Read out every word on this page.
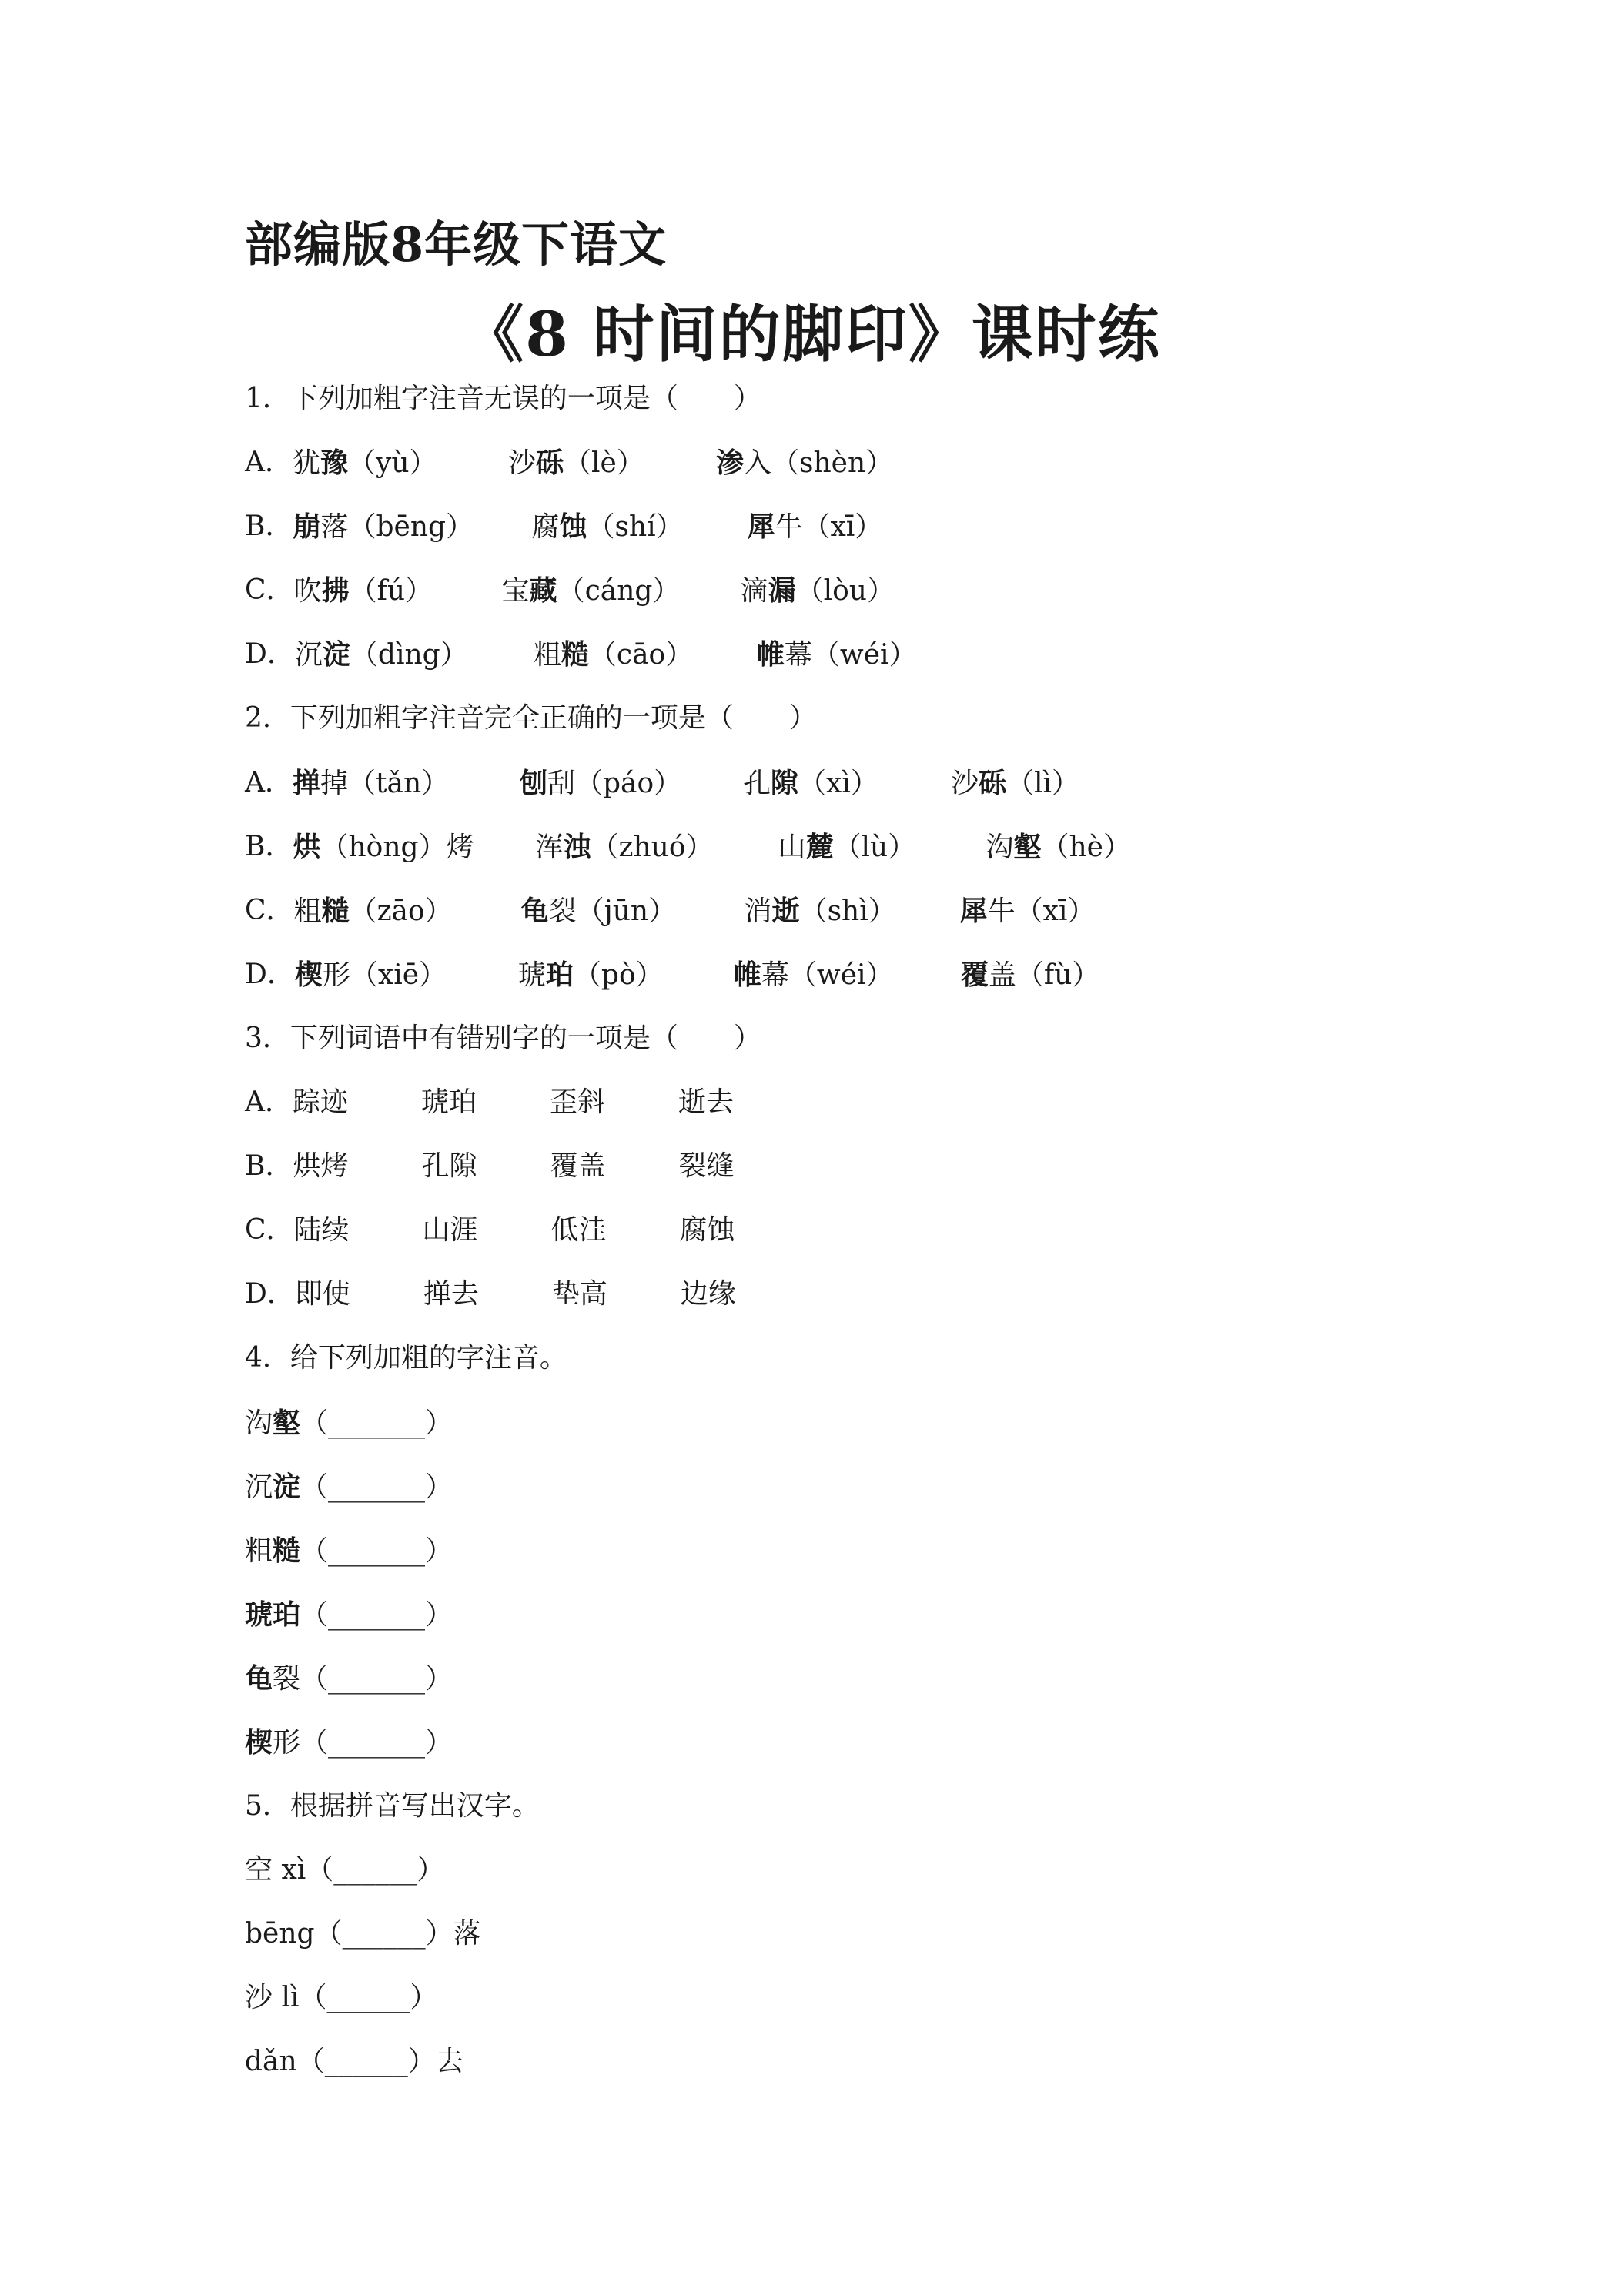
部编版8年级下语文
《8 时间的脚印》课时练
1．下列加粗字注音无误的一项是（　　）
A．犹豫（yù）	沙砾（lè）	渗入（shèn）
B．崩落（bēng） 腐蚀（shí） 犀牛（xī）
C．吹拂（fú） 宝藏（cáng） 滴漏（lòu）
D．沉淀（dìng） 粗糙（cāo） 帷幕（wéi）
2．下列加粗字注音完全正确的一项是（　　）
A．掸掉（tǎn）	刨刮（páo） 孔隙（xì）	沙砾（lì）
B．烘（hòng）烤 浑浊（zhuó） 山麓（lù）	沟壑（hè）
C．粗糙（zāo） 龟裂（jūn） 消逝（shì） 犀牛（xī）
D．楔形（xiē）	琥珀（pò）	帷幕（wéi） 覆盖（fù）
3．下列词语中有错别字的一项是（　　）
A．踪迹	琥珀	歪斜	逝去
B．烘烤	孔隙	覆盖	裂缝
C．陆续	山涯	低洼	腐蚀
D．即使	掸去	垫高	边缘
4．给下列加粗的字注音。
沟壑（_______）
沉淀（_______）
粗糙（_______）
琥珀（_______）
龟裂（_______）
楔形（_______）
5．根据拼音写出汉字。
空 xì（______）
bēng（______）落
沙 lì（______）
dǎn（______）去
